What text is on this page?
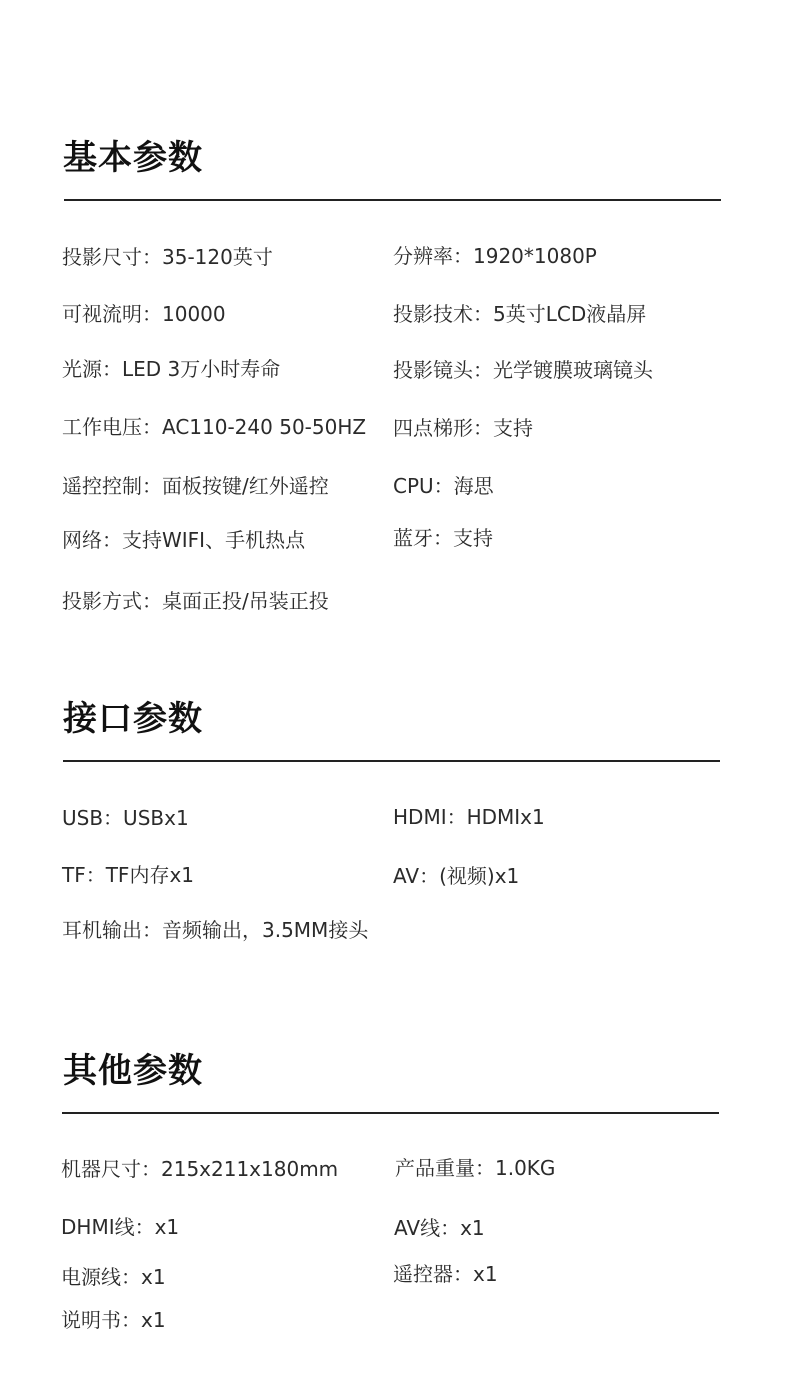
基本参数
投影尺寸：35-120英寸	分辨率：1920*1080P
可视流明：10000	投影技术：5英寸LCD液晶屏
光源：LED 3万小时寿命	投影镜头：光学镀膜玻璃镜头
工作电压：AC110-240 50-50HZ 四点梯形：支持
遥控控制：面板按键/红外遥控	CPU：海思
网络：支持WIFI、手机热点	蓝牙：支持
投影方式：桌面正投/吊装正投
接口参数
USB：USBx1	HDMI：HDMIx1
TF：TF内存x1	AV：(视频)x1
耳机输出：音频输出，3.5MM接头
其他参数
机器尺寸：215x211x180mm	产品重量：1.0KG
DHMI线：x1	AV线：x1
电源线：x1	遥控器：x1
说明书：x1
